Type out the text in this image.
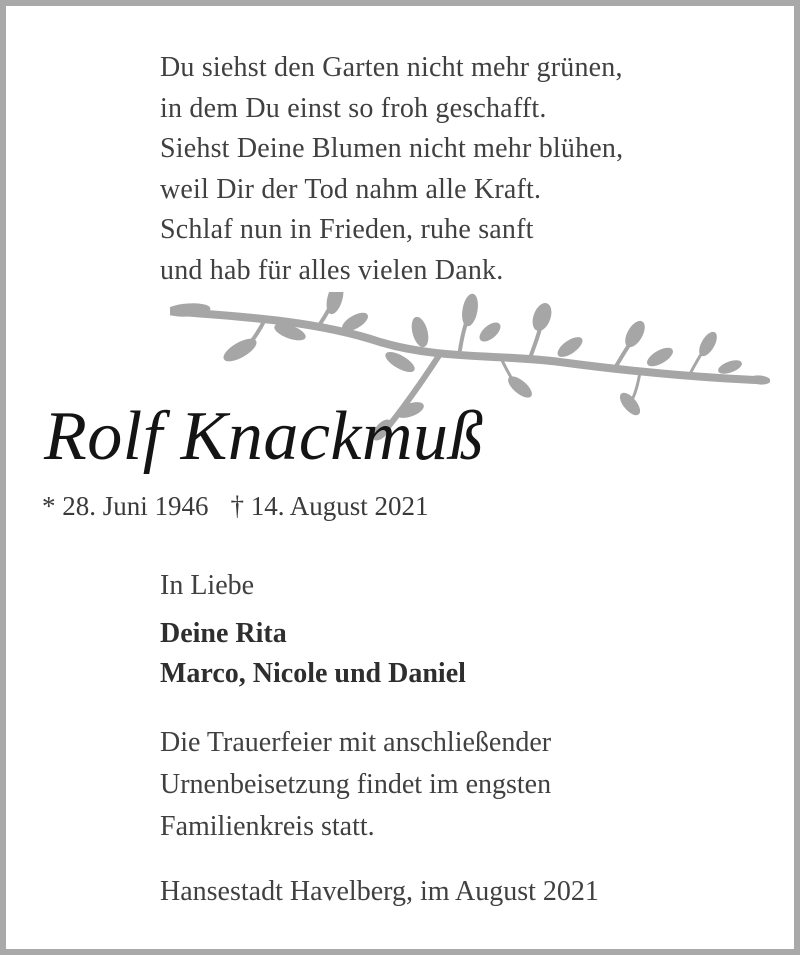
Du siehst den Garten nicht mehr grünen,
in dem Du einst so froh geschafft.
Siehst Deine Blumen nicht mehr blühen,
weil Dir der Tod nahm alle Kraft.
Schlaf nun in Frieden, ruhe sanft
und hab für alles vielen Dank.
Rolf Knackmuß
* 28. Juni 1946 † 14. August 2021
In Liebe
Deine Rita
Marco, Nicole und Daniel
Die Trauerfeier mit anschließender
Urnenbeisetzung findet im engsten
Familienkreis statt.
Hansestadt Havelberg, im August 2021
